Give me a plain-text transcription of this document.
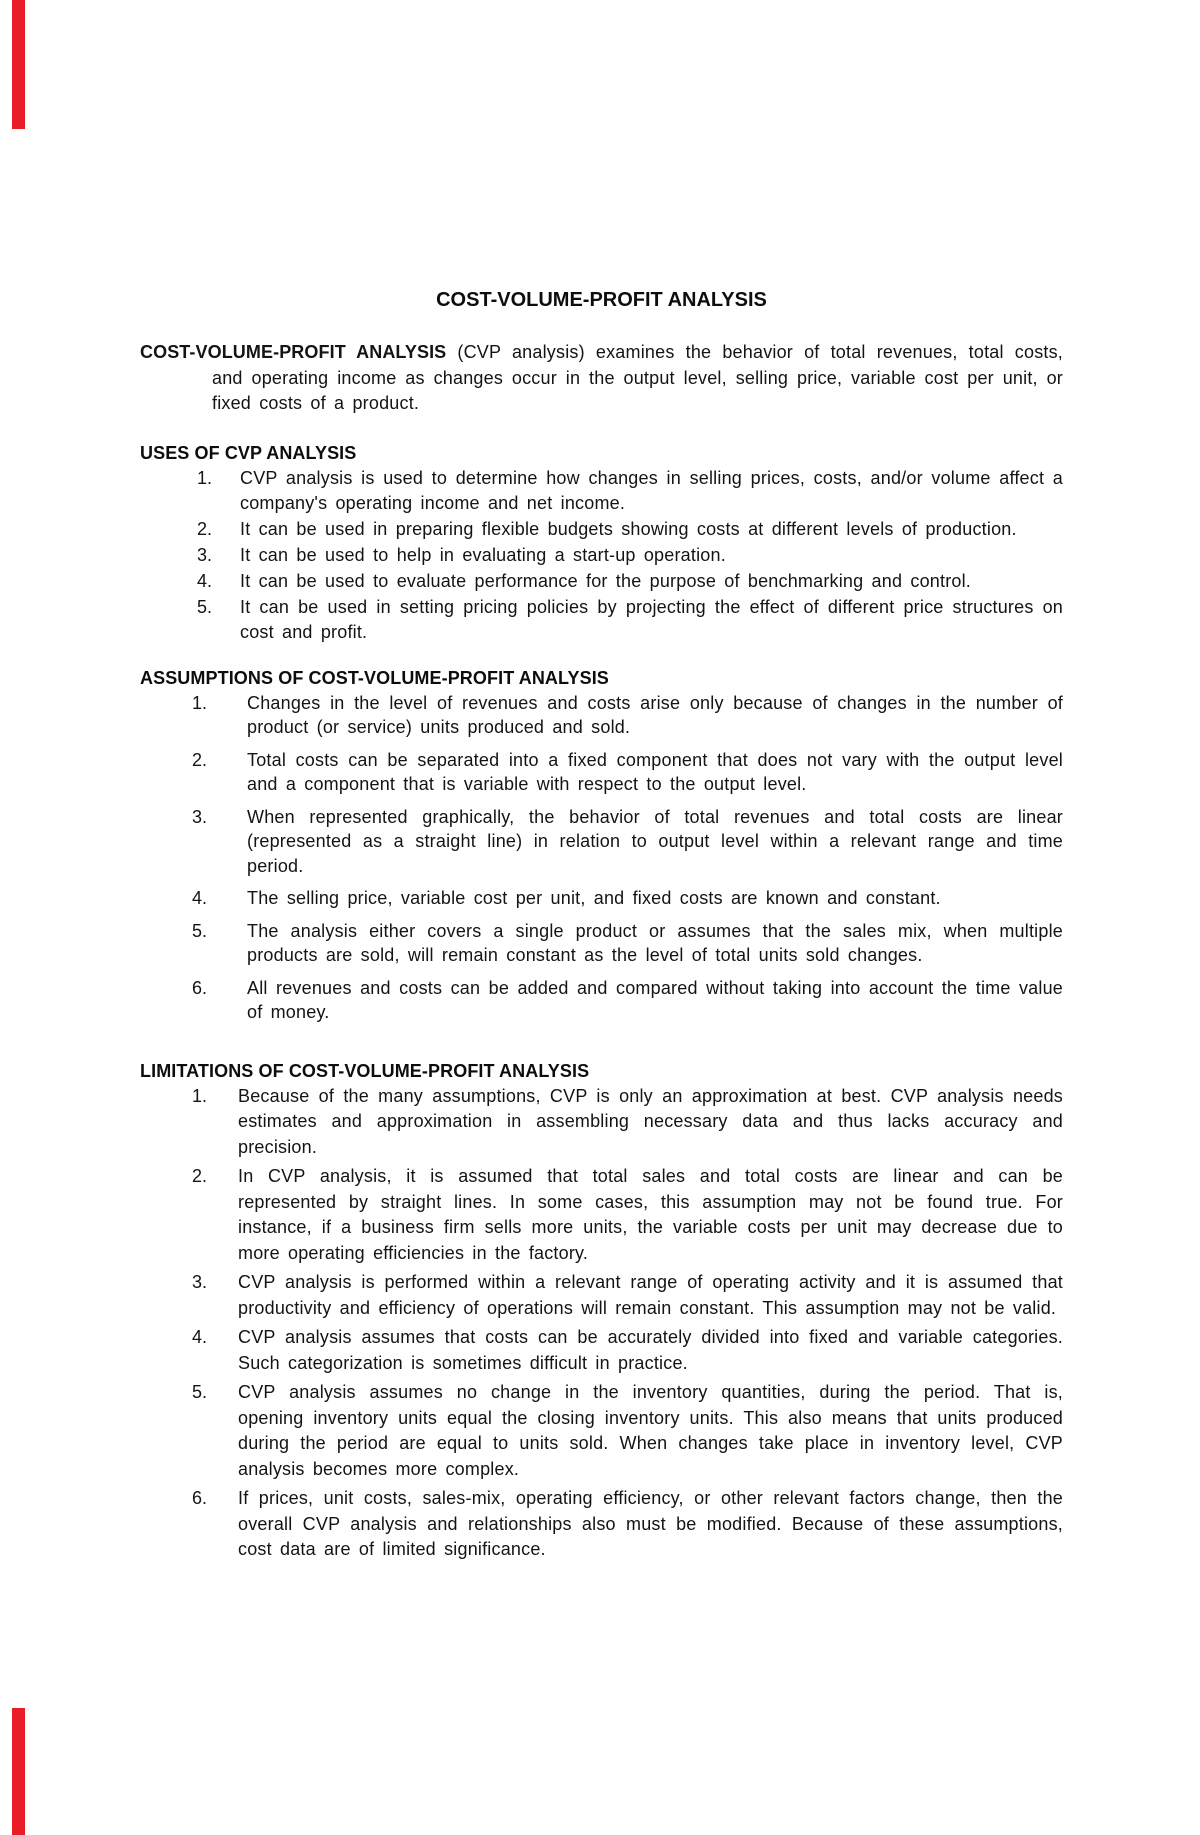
COST-VOLUME-PROFIT ANALYSIS

COST-VOLUME-PROFIT ANALYSIS (CVP analysis) examines the behavior of total revenues, total costs, and operating income as changes occur in the output level, selling price, variable cost per unit, or fixed costs of a product.

USES OF CVP ANALYSIS
1.	CVP analysis is used to determine how changes in selling prices, costs, and/or volume affect a company's operating income and net income.
2.	It can be used in preparing flexible budgets showing costs at different levels of production.
3.	It can be used to help in evaluating a start-up operation.
4.	It can be used to evaluate performance for the purpose of benchmarking and control.
5.	It can be used in setting pricing policies by projecting the effect of different price structures on cost and profit.
ASSUMPTIONS OF COST-VOLUME-PROFIT ANALYSIS
1.	Changes in the level of revenues and costs arise only because of changes in the number of product (or service) units produced and sold.
2.	Total costs can be separated into a fixed component that does not vary with the output level and a component that is variable with respect to the output level.
3.	When represented graphically, the behavior of total revenues and total costs are linear (represented as a straight line) in relation to output level within a relevant range and time period.
4.	The selling price, variable cost per unit, and fixed costs are known and constant.
5.	The analysis either covers a single product or assumes that the sales mix, when multiple products are sold, will remain constant as the level of total units sold changes.
6.	All revenues and costs can be added and compared without taking into account the time value of money.
LIMITATIONS OF COST-VOLUME-PROFIT ANALYSIS
1.	Because of the many assumptions, CVP is only an approximation at best. CVP analysis needs estimates and approximation in assembling necessary data and thus lacks accuracy and precision.
2.	In CVP analysis, it is assumed that total sales and total costs are linear and can be represented by straight lines. In some cases, this assumption may not be found true. For instance, if a business firm sells more units, the variable costs per unit may decrease due to more operating efficiencies in the factory.
3.	CVP analysis is performed within a relevant range of operating activity and it is assumed that productivity and efficiency of operations will remain constant. This assumption may not be valid.
4.	CVP analysis assumes that costs can be accurately divided into fixed and variable categories. Such categorization is sometimes difficult in practice.
5.	CVP analysis assumes no change in the inventory quantities, during the period. That is, opening inventory units equal the closing inventory units. This also means that units produced during the period are equal to units sold. When changes take place in inventory level, CVP analysis becomes more complex.
6.	If prices, unit costs, sales-mix, operating efficiency, or other relevant factors change, then the overall CVP analysis and relationships also must be modified. Because of these assumptions, cost data are of limited significance.
